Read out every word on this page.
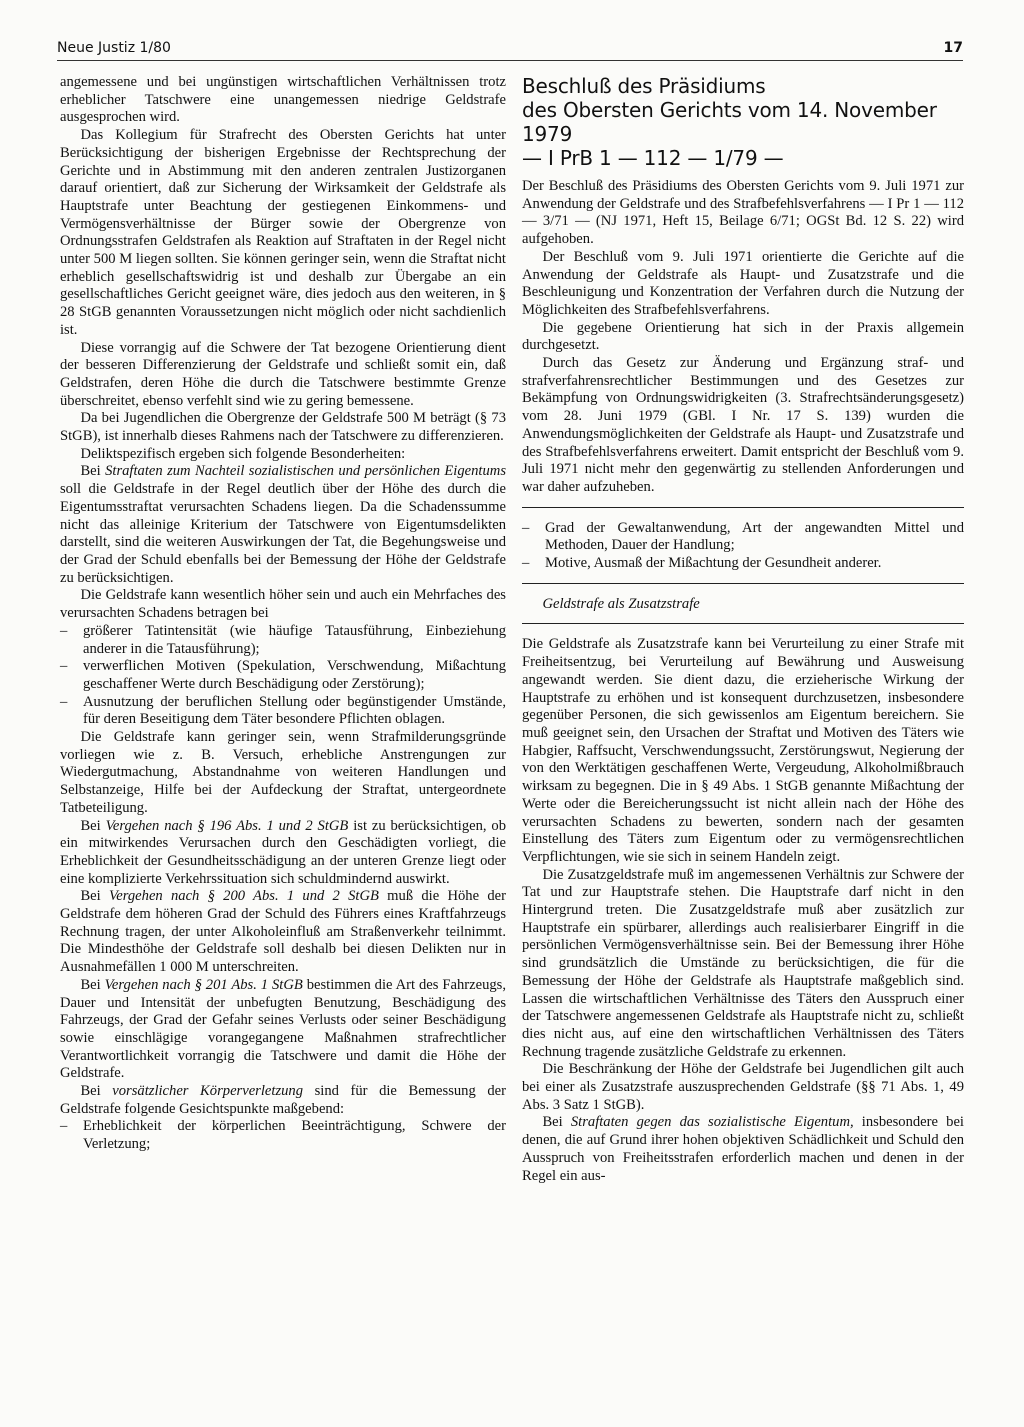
Neue Justiz 1/80	17

angemessene und bei ungünstigen wirtschaftlichen Verhältnissen trotz erheblicher Tatschwere eine unangemessen niedrige Geldstrafe ausgesprochen wird.

Das Kollegium für Strafrecht des Obersten Gerichts hat unter Berücksichtigung der bisherigen Ergebnisse der Rechtsprechung der Gerichte und in Abstimmung mit den anderen zentralen Justizorganen darauf orientiert, daß zur Sicherung der Wirksamkeit der Geldstrafe als Hauptstrafe unter Beachtung der gestiegenen Einkommens- und Vermögensverhältnisse der Bürger sowie der Obergrenze von Ordnungsstrafen Geldstrafen als Reaktion auf Straftaten in der Regel nicht unter 500 M liegen sollten. Sie können geringer sein, wenn die Straftat nicht erheblich gesellschaftswidrig ist und deshalb zur Übergabe an ein gesellschaftliches Gericht geeignet wäre, dies jedoch aus den weiteren, in § 28 StGB genannten Voraussetzungen nicht möglich oder nicht sachdienlich ist.

Diese vorrangig auf die Schwere der Tat bezogene Orientierung dient der besseren Differenzierung der Geldstrafe und schließt somit ein, daß Geldstrafen, deren Höhe die durch die Tatschwere bestimmte Grenze überschreitet, ebenso verfehlt sind wie zu gering bemessene.

Da bei Jugendlichen die Obergrenze der Geldstrafe 500 M beträgt (§ 73 StGB), ist innerhalb dieses Rahmens nach der Tatschwere zu differenzieren.

Deliktspezifisch ergeben sich folgende Besonderheiten:

Bei Straftaten zum Nachteil sozialistischen und persönlichen Eigentums soll die Geldstrafe in der Regel deutlich über der Höhe des durch die Eigentumsstraftat verursachten Schadens liegen. Da die Schadenssumme nicht das alleinige Kriterium der Tatschwere von Eigentumsdelikten darstellt, sind die weiteren Auswirkungen der Tat, die Begehungsweise und der Grad der Schuld ebenfalls bei der Bemessung der Höhe der Geldstrafe zu berücksichtigen.

Die Geldstrafe kann wesentlich höher sein und auch ein Mehrfaches des verursachten Schadens betragen bei

– größerer Tatintensität (wie häufige Tatausführung, Einbeziehung anderer in die Tatausführung);
– verwerflichen Motiven (Spekulation, Verschwendung, Mißachtung geschaffener Werte durch Beschädigung oder Zerstörung);
– Ausnutzung der beruflichen Stellung oder begünstigender Umstände, für deren Beseitigung dem Täter besondere Pflichten oblagen.

Die Geldstrafe kann geringer sein, wenn Strafmilderungsgründe vorliegen wie z. B. Versuch, erhebliche Anstrengungen zur Wiedergutmachung, Abstandnahme von weiteren Handlungen und Selbstanzeige, Hilfe bei der Aufdeckung der Straftat, untergeordnete Tatbeteiligung.

Bei Vergehen nach § 196 Abs. 1 und 2 StGB ist zu berücksichtigen, ob ein mitwirkendes Verursachen durch den Geschädigten vorliegt, die Erheblichkeit der Gesundheitsschädigung an der unteren Grenze liegt oder eine komplizierte Verkehrssituation sich schuldmindernd auswirkt.

Bei Vergehen nach § 200 Abs. 1 und 2 StGB muß die Höhe der Geldstrafe dem höheren Grad der Schuld des Führers eines Kraftfahrzeugs Rechnung tragen, der unter Alkoholeinfluß am Straßenverkehr teilnimmt. Die Mindesthöhe der Geldstrafe soll deshalb bei diesen Delikten nur in Ausnahmefällen 1 000 M unterschreiten.

Bei Vergehen nach § 201 Abs. 1 StGB bestimmen die Art des Fahrzeugs, Dauer und Intensität der unbefugten Benutzung, Beschädigung des Fahrzeugs, der Grad der Gefahr seines Verlusts oder seiner Beschädigung sowie einschlägige vorangegangene Maßnahmen strafrechtlicher Verantwortlichkeit vorrangig die Tatschwere und damit die Höhe der Geldstrafe.

Bei vorsätzlicher Körperverletzung sind für die Bemessung der Geldstrafe folgende Gesichtspunkte maßgebend:

– Erheblichkeit der körperlichen Beeinträchtigung, Schwere der Verletzung;
Beschluß des Präsidiums
des Obersten Gerichts vom 14. November 1979
— I PrB 1 — 112 — 1/79 —

Der Beschluß des Präsidiums des Obersten Gerichts vom 9. Juli 1971 zur Anwendung der Geldstrafe und des Strafbefehlsverfahrens — I Pr 1 — 112 — 3/71 — (NJ 1971, Heft 15, Beilage 6/71; OGSt Bd. 12 S. 22) wird aufgehoben.

Der Beschluß vom 9. Juli 1971 orientierte die Gerichte auf die Anwendung der Geldstrafe als Haupt- und Zusatzstrafe und die Beschleunigung und Konzentration der Verfahren durch die Nutzung der Möglichkeiten des Strafbefehlsverfahrens.

Die gegebene Orientierung hat sich in der Praxis allgemein durchgesetzt.

Durch das Gesetz zur Änderung und Ergänzung straf- und strafverfahrensrechtlicher Bestimmungen und des Gesetzes zur Bekämpfung von Ordnungswidrigkeiten (3. Strafrechtsänderungsgesetz) vom 28. Juni 1979 (GBl. I Nr. 17 S. 139) wurden die Anwendungsmöglichkeiten der Geldstrafe als Haupt- und Zusatzstrafe und des Strafbefehlsverfahrens erweitert. Damit entspricht der Beschluß vom 9. Juli 1971 nicht mehr den gegenwärtig zu stellenden Anforderungen und war daher aufzuheben.

– Grad der Gewaltanwendung, Art der angewandten Mittel und Methoden, Dauer der Handlung;
– Motive, Ausmaß der Mißachtung der Gesundheit anderer.

Geldstrafe als Zusatzstrafe

Die Geldstrafe als Zusatzstrafe kann bei Verurteilung zu einer Strafe mit Freiheitsentzug, bei Verurteilung auf Bewährung und Ausweisung angewandt werden. Sie dient dazu, die erzieherische Wirkung der Hauptstrafe zu erhöhen und ist konsequent durchzusetzen, insbesondere gegenüber Personen, die sich gewissenlos am Eigentum bereichern. Sie muß geeignet sein, den Ursachen der Straftat und Motiven des Täters wie Habgier, Raffsucht, Verschwendungssucht, Zerstörungswut, Negierung der von den Werktätigen geschaffenen Werte, Vergeudung, Alkoholmißbrauch wirksam zu begegnen. Die in § 49 Abs. 1 StGB genannte Mißachtung der Werte oder die Bereicherungssucht ist nicht allein nach der Höhe des verursachten Schadens zu bewerten, sondern nach der gesamten Einstellung des Täters zum Eigentum oder zu vermögensrechtlichen Verpflichtungen, wie sie sich in seinem Handeln zeigt.

Die Zusatzgeldstrafe muß im angemessenen Verhältnis zur Schwere der Tat und zur Hauptstrafe stehen. Die Hauptstrafe darf nicht in den Hintergrund treten. Die Zusatzgeldstrafe muß aber zusätzlich zur Hauptstrafe ein spürbarer, allerdings auch realisierbarer Eingriff in die persönlichen Vermögensverhältnisse sein. Bei der Bemessung ihrer Höhe sind grundsätzlich die Umstände zu berücksichtigen, die für die Bemessung der Höhe der Geldstrafe als Hauptstrafe maßgeblich sind. Lassen die wirtschaftlichen Verhältnisse des Täters den Ausspruch einer der Tatschwere angemessenen Geldstrafe als Hauptstrafe nicht zu, schließt dies nicht aus, auf eine den wirtschaftlichen Verhältnissen des Täters Rechnung tragende zusätzliche Geldstrafe zu erkennen.

Die Beschränkung der Höhe der Geldstrafe bei Jugendlichen gilt auch bei einer als Zusatzstrafe auszusprechenden Geldstrafe (§§ 71 Abs. 1, 49 Abs. 3 Satz 1 StGB).

Bei Straftaten gegen das sozialistische Eigentum, insbesondere bei denen, die auf Grund ihrer hohen objektiven Schädlichkeit und Schuld den Ausspruch von Freiheitsstrafen erforderlich machen und denen in der Regel ein aus-
